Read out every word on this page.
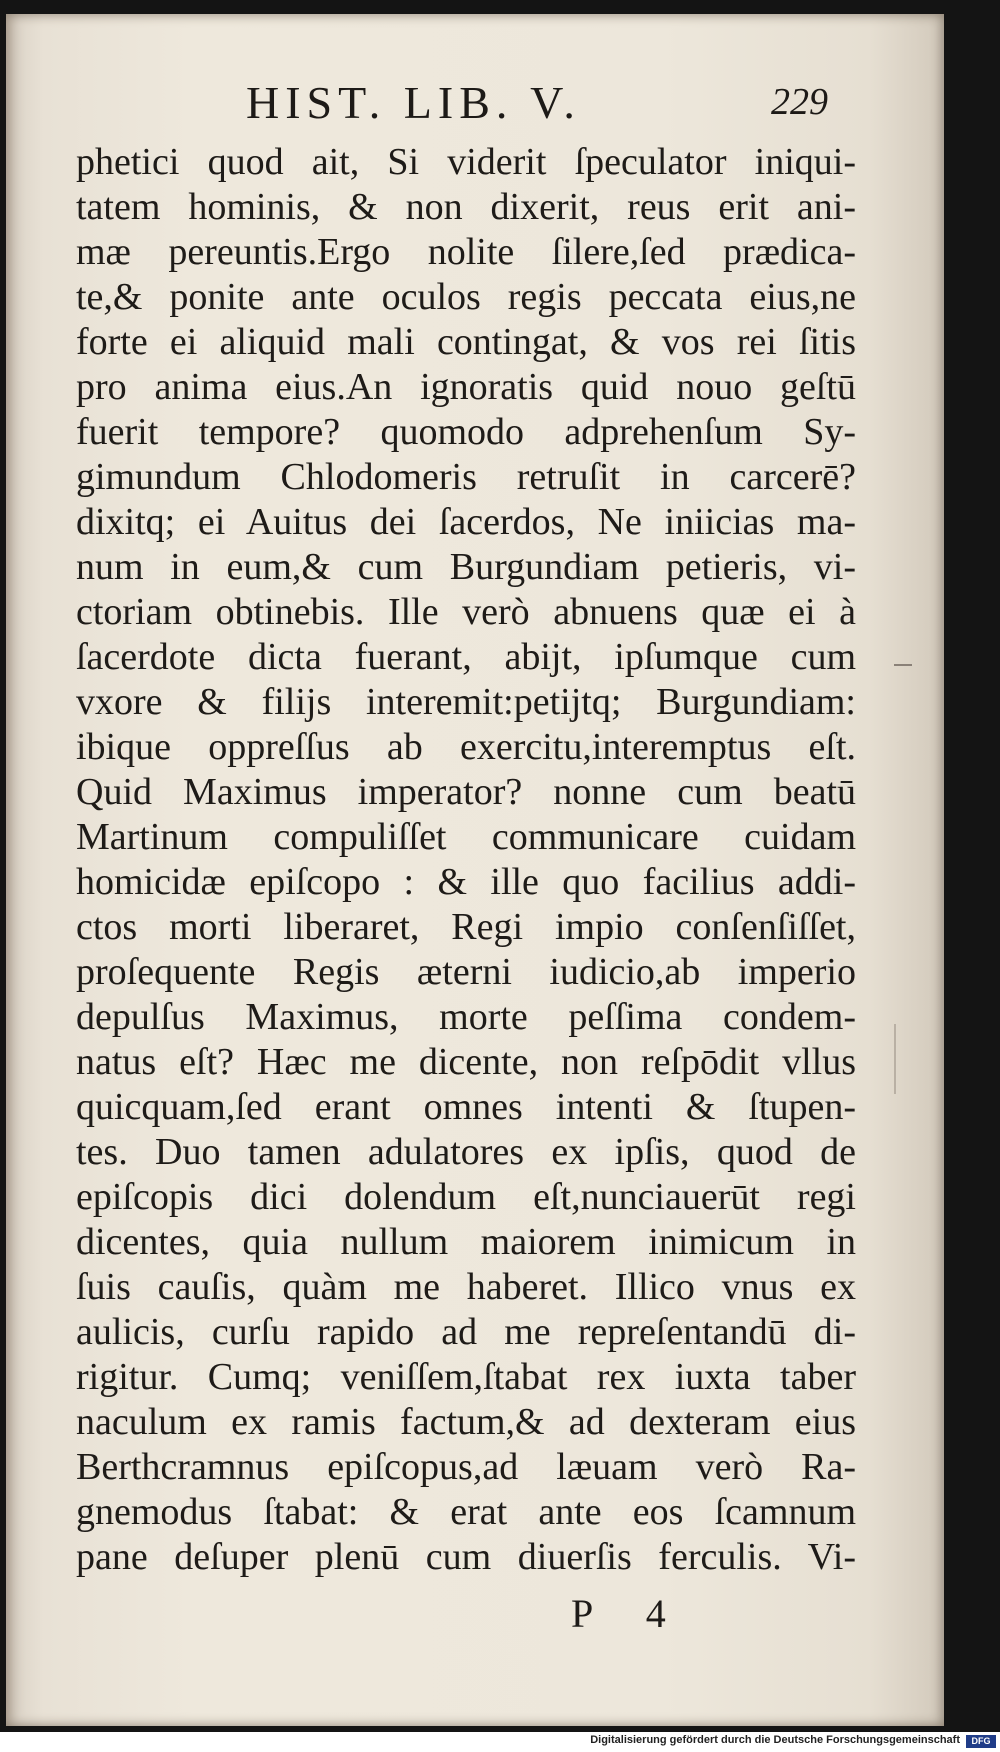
HIST. LIB. V.	229
phetici quod ait, Si viderit ſpeculator iniqui-
tatem hominis, & non dixerit, reus erit ani-
mæ pereuntis.Ergo nolite ſilere,ſed prædica-
te,& ponite ante oculos regis peccata eius,ne
forte ei aliquid mali contingat, & vos rei ſitis
pro anima eius.An ignoratis quid nouo geſtū
fuerit tempore? quomodo adprehenſum Sy-
gimundum Chlodomeris retruſit in carcerē?
dixitq; ei Auitus dei ſacerdos, Ne iniicias ma-
num in eum,& cum Burgundiam petieris, vi-
ctoriam obtinebis. Ille verò abnuens quæ ei à
ſacerdote dicta fuerant, abijt, ipſumque cum
vxore & filijs interemit:petijtq; Burgundiam:
ibique oppreſſus ab exercitu,interemptus eſt.
Quid Maximus imperator? nonne cum beatū
Martinum compuliſſet communicare cuidam
homicidæ epiſcopo : & ille quo facilius addi-
ctos morti liberaret, Regi impio conſenſiſſet,
proſequente Regis æterni iudicio,ab imperio
depulſus Maximus, morte peſſima condem-
natus eſt? Hæc me dicente, non reſpōdit vllus
quicquam,ſed erant omnes intenti & ſtupen-
tes. Duo tamen adulatores ex ipſis, quod de
epiſcopis dici dolendum eſt,nunciauerūt regi
dicentes, quia nullum maiorem inimicum in
ſuis cauſis, quàm me haberet. Illico vnus ex
aulicis, curſu rapido ad me repreſentandū di-
rigitur. Cumq; veniſſem,ſtabat rex iuxta taber
naculum ex ramis factum,& ad dexteram eius
Berthcramnus epiſcopus,ad læuam verò Ra-
gnemodus ſtabat: & erat ante eos ſcamnum
pane deſuper plenū cum diuerſis ferculis. Vi-
P 4
Digitalisierung gefördert durch die Deutsche Forschungsgemeinschaft	DFG
